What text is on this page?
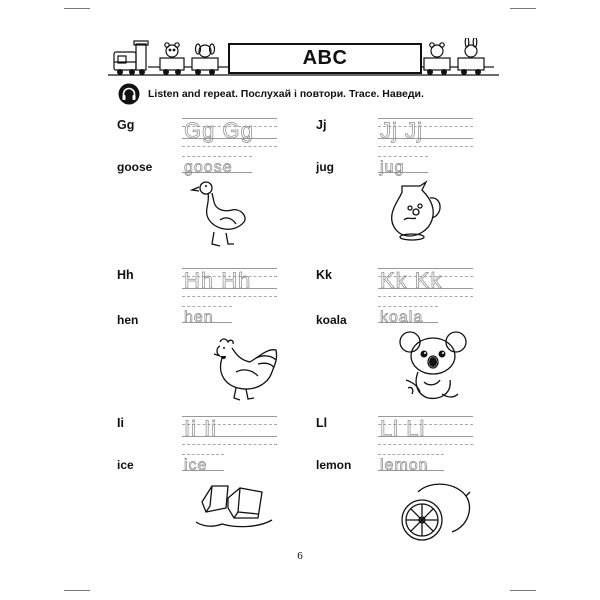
ABC
Listen and repeat. Послухай і повтори. Trace. Наведи.
Gg Gg Gg
goose goose
Jj Jj Jj
jug	jug
Hh Hh Hh
hen	hen
Kk Kk Kk
koala koala
Ii	Ii Ii
ice	ice
Ll Ll Ll
lemon lemon
6
